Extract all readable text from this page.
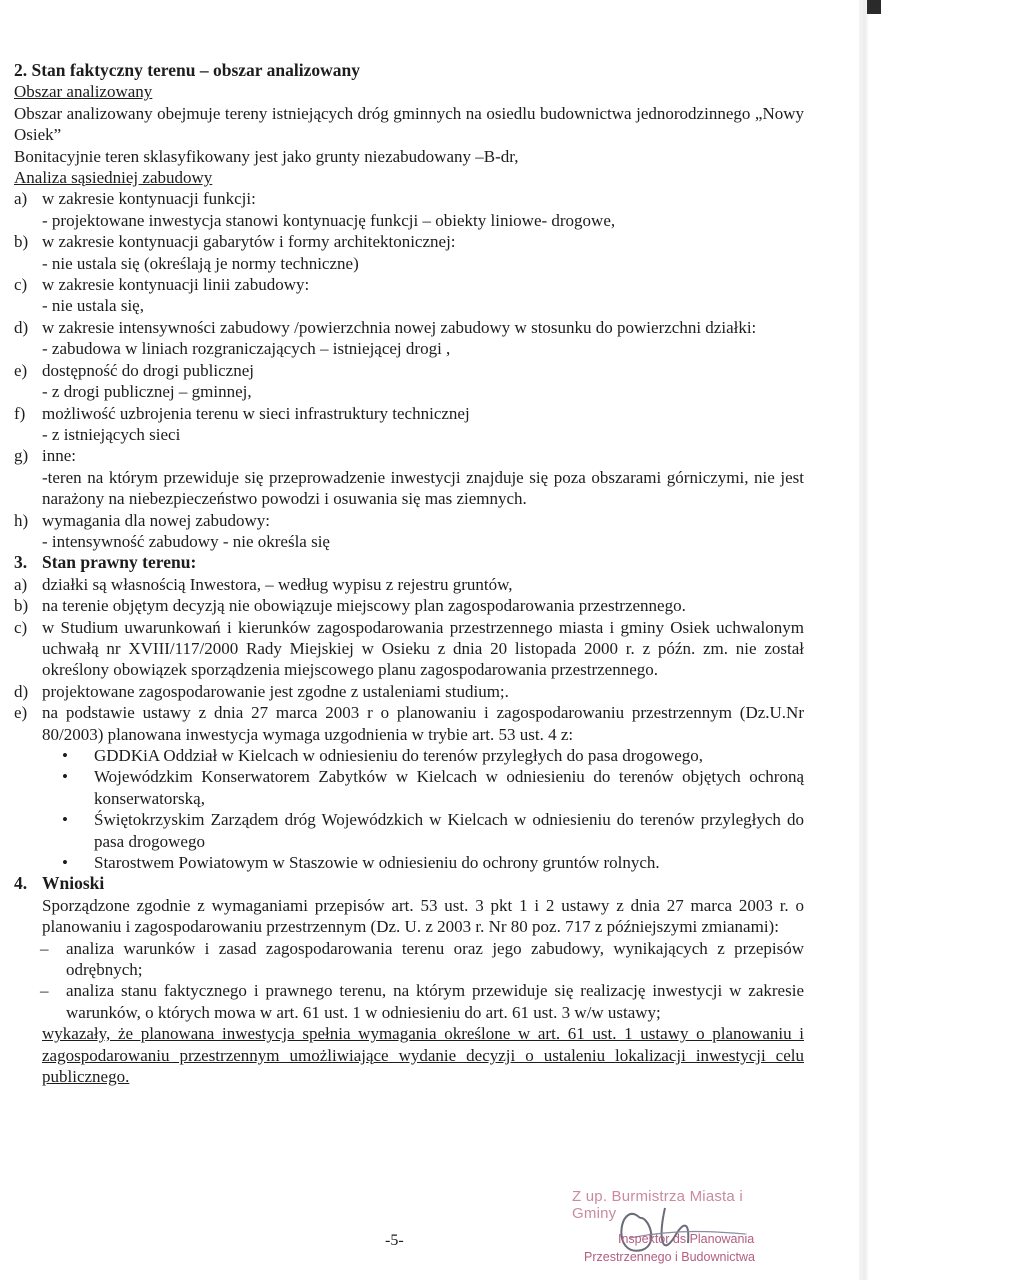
2. Stan faktyczny terenu – obszar analizowany
Obszar analizowany
Obszar analizowany obejmuje tereny istniejących dróg gminnych na osiedlu budownictwa jednorodzinnego „Nowy Osiek”
Bonitacyjnie teren sklasyfikowany jest jako grunty niezabudowany –B-dr,
Analiza sąsiedniej zabudowy
a) w zakresie kontynuacji funkcji:
- projektowane inwestycja stanowi kontynuację funkcji – obiekty liniowe- drogowe,
b) w zakresie kontynuacji gabarytów i formy architektonicznej:
- nie ustala się (określają je normy techniczne)
c) w zakresie kontynuacji linii zabudowy:
- nie ustala się,
d) w zakresie intensywności zabudowy /powierzchnia nowej zabudowy w stosunku do powierzchni działki:
- zabudowa w liniach rozgraniczających – istniejącej drogi ,
e) dostępność do drogi publicznej
- z drogi publicznej – gminnej,
f) możliwość uzbrojenia terenu w sieci infrastruktury technicznej
- z istniejących sieci
g) inne:
-teren na którym przewiduje się przeprowadzenie inwestycji znajduje się poza obszarami górniczymi, nie jest narażony na niebezpieczeństwo powodzi i osuwania się mas ziemnych.
h) wymagania dla nowej zabudowy:
- intensywność zabudowy - nie określa się
3. Stan prawny terenu:
a) działki są własnością Inwestora, – według wypisu z rejestru gruntów,
b) na terenie objętym decyzją nie obowiązuje miejscowy plan zagospodarowania przestrzennego.
c) w Studium uwarunkowań i kierunków zagospodarowania przestrzennego miasta i gminy Osiek uchwalonym uchwałą nr XVIII/117/2000 Rady Miejskiej w Osieku z dnia 20 listopada 2000 r. z późn. zm. nie został określony obowiązek sporządzenia miejscowego planu zagospodarowania przestrzennego.
d) projektowane zagospodarowanie jest zgodne z ustaleniami studium;.
e) na podstawie ustawy z dnia 27 marca 2003 r o planowaniu i zagospodarowaniu przestrzennym (Dz.U.Nr 80/2003) planowana inwestycja wymaga uzgodnienia w trybie art. 53 ust. 4 z:
•	GDDKiA Oddział w Kielcach w odniesieniu do terenów przyległych do pasa drogowego,
•	Wojewódzkim Konserwatorem Zabytków w Kielcach w odniesieniu do terenów objętych ochroną konserwatorską,
•	Świętokrzyskim Zarządem dróg Wojewódzkich w Kielcach w odniesieniu do terenów przyległych do pasa drogowego
•	Starostwem Powiatowym w Staszowie w odniesieniu do ochrony gruntów rolnych.
4. Wnioski
Sporządzone zgodnie z wymaganiami przepisów art. 53 ust. 3 pkt 1 i 2 ustawy z dnia 27 marca 2003 r. o planowaniu i zagospodarowaniu przestrzennym (Dz. U. z 2003 r. Nr 80 poz. 717 z późniejszymi zmianami):
–	analiza warunków i zasad zagospodarowania terenu oraz jego zabudowy, wynikających z przepisów odrębnych;
–	analiza stanu faktycznego i prawnego terenu, na którym przewiduje się realizację inwestycji w zakresie warunków, o których mowa w art. 61 ust. 1 w odniesieniu do art. 61 ust. 3 w/w ustawy;
wykazały, że planowana inwestycja spełnia wymagania określone w art. 61 ust. 1 ustawy o planowaniu i zagospodarowaniu przestrzennym umożliwiające wydanie decyzji o ustaleniu lokalizacji inwestycji celu publicznego.
-5-
Z up. Burmistrza Miasta i Gminy
Inspektor ds Planowania
Przestrzennego i Budownictwa
